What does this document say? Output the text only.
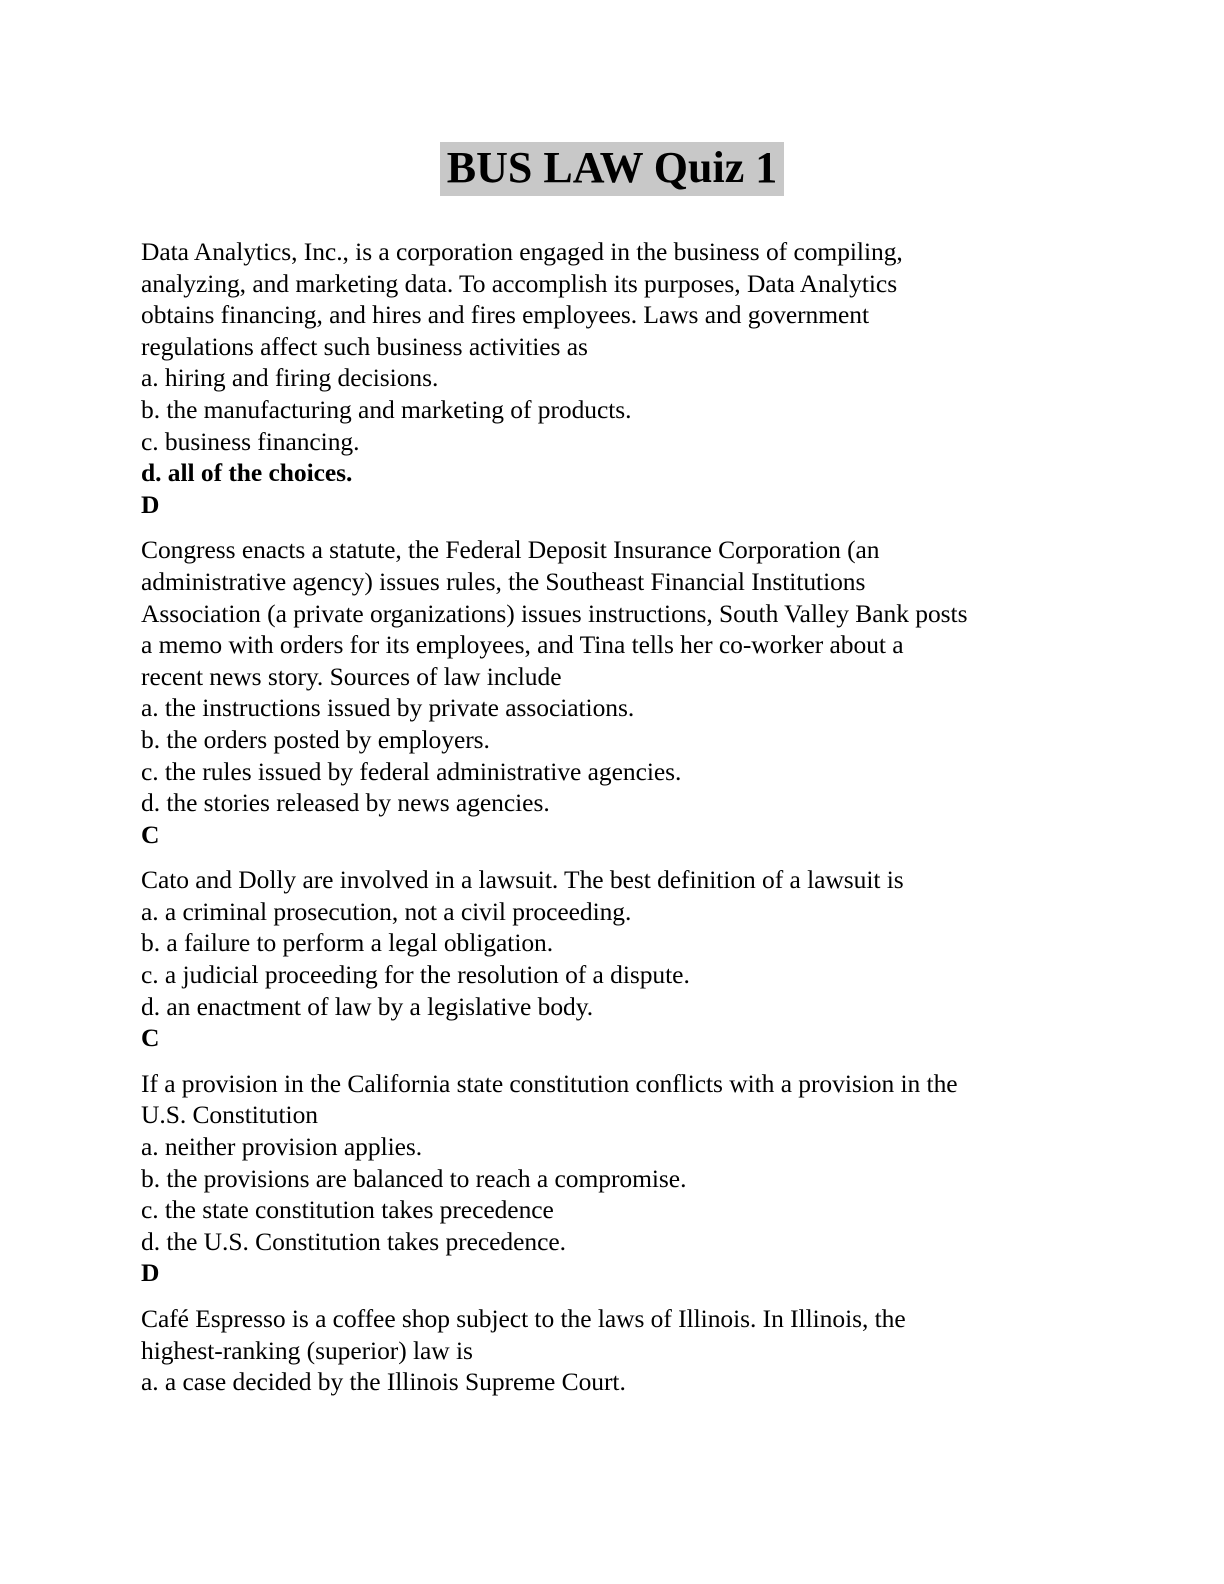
BUS LAW Quiz 1
Data Analytics, Inc., is a corporation engaged in the business of compiling,
analyzing, and marketing data. To accomplish its purposes, Data Analytics
obtains financing, and hires and fires employees. Laws and government
regulations affect such business activities as
a. hiring and firing decisions.
b. the manufacturing and marketing of products.
c. business financing.
d. all of the choices.
D
Congress enacts a statute, the Federal Deposit Insurance Corporation (an
administrative agency) issues rules, the Southeast Financial Institutions
Association (a private organizations) issues instructions, South Valley Bank posts
a memo with orders for its employees, and Tina tells her co-worker about a
recent news story. Sources of law include
a. the instructions issued by private associations.
b. the orders posted by employers.
c. the rules issued by federal administrative agencies.
d. the stories released by news agencies.
C
Cato and Dolly are involved in a lawsuit. The best definition of a lawsuit is
a. a criminal prosecution, not a civil proceeding.
b. a failure to perform a legal obligation.
c. a judicial proceeding for the resolution of a dispute.
d. an enactment of law by a legislative body.
C
If a provision in the California state constitution conflicts with a provision in the
U.S. Constitution
a. neither provision applies.
b. the provisions are balanced to reach a compromise.
c. the state constitution takes precedence
d. the U.S. Constitution takes precedence.
D
Café Espresso is a coffee shop subject to the laws of Illinois. In Illinois, the
highest-ranking (superior) law is
a. a case decided by the Illinois Supreme Court.
